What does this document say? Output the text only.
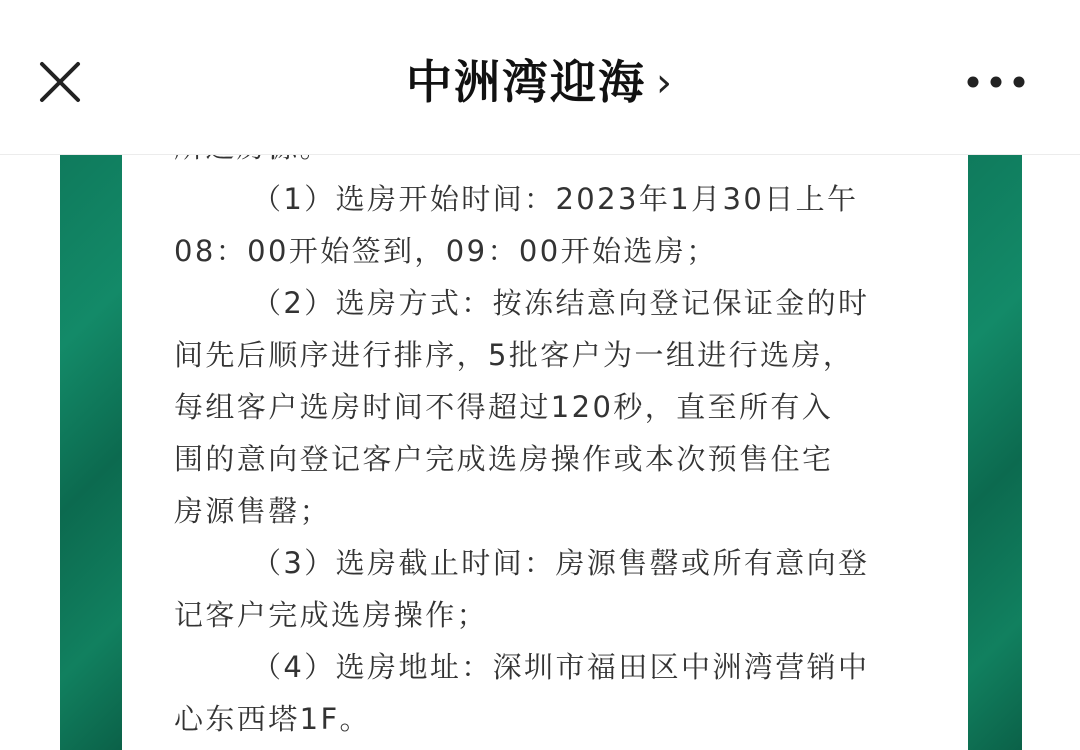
（1）选房开始时间：2023年1月30日上午
08：00开始签到，09：00开始选房；
（2）选房方式：按冻结意向登记保证金的时
间先后顺序进行排序，5批客户为一组进行选房，
每组客户选房时间不得超过120秒，直至所有入
围的意向登记客户完成选房操作或本次预售住宅
房源售罄；
（3）选房截止时间：房源售罄或所有意向登
记客户完成选房操作；
（4）选房地址：深圳市福田区中洲湾营销中
心东西塔1F。
中洲湾迎海 ›
